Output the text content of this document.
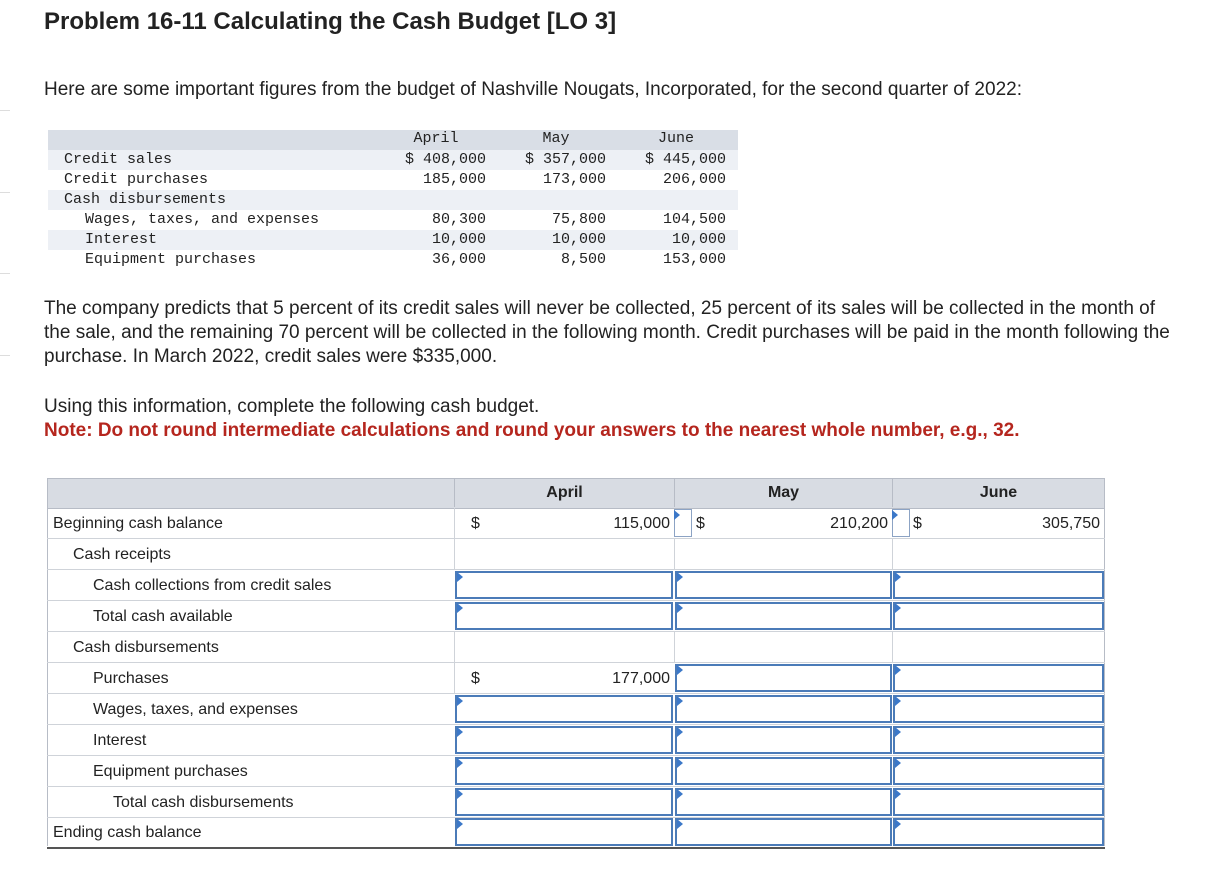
Problem 16-11 Calculating the Cash Budget [LO 3]

Here are some important figures from the budget of Nashville Nougats, Incorporated, for the second quarter of 2022:

April	May	June
Credit sales	$ 408,000	$ 357,000	$ 445,000
Credit purchases	185,000	173,000	206,000
Cash disbursements
Wages, taxes, and expenses	80,300	75,800	104,500
Interest	10,000	10,000	10,000
Equipment purchases	36,000	8,500	153,000

The company predicts that 5 percent of its credit sales will never be collected, 25 percent of its sales will be collected in the month of the sale, and the remaining 70 percent will be collected in the following month. Credit purchases will be paid in the month following the purchase. In March 2022, credit sales were $335,000.

Using this information, complete the following cash budget.

Note: Do not round intermediate calculations and round your answers to the nearest whole number, e.g., 32.

April	May	June
Beginning cash balance	$	115,000 $	210,200 $	305,750
Cash receipts
Cash collections from credit sales
Total cash available
Cash disbursements
Purchases	$	177,000
Wages, taxes, and expenses
Interest
Equipment purchases
Total cash disbursements
Ending cash balance
